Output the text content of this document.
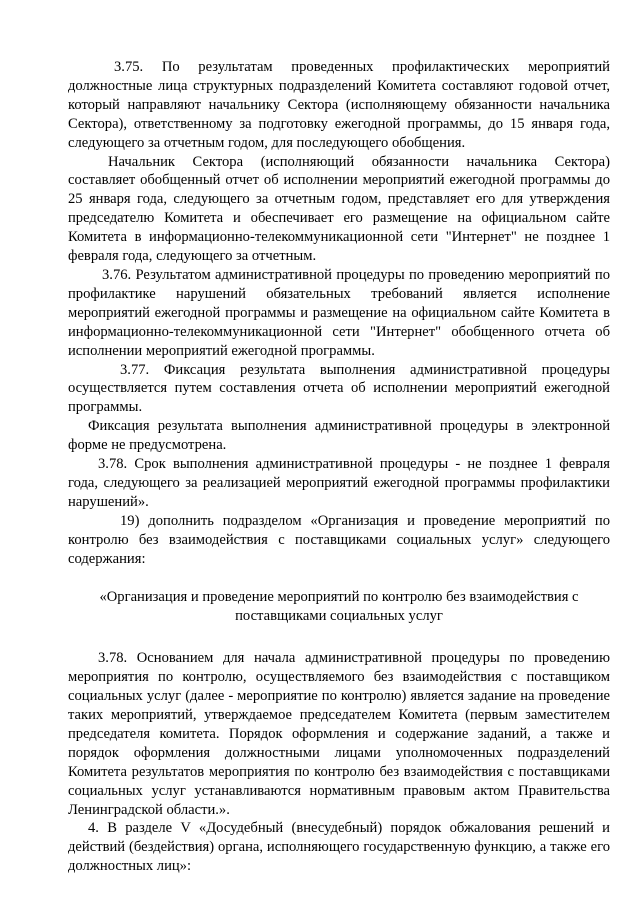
3.75. По результатам проведенных профилактических мероприятий должностные лица структурных подразделений Комитета составляют годовой отчет, который направляют начальнику Сектора (исполняющему обязанности начальника Сектора), ответственному за подготовку ежегодной программы, до 15 января года, следующего за отчетным годом, для последующего обобщения.

Начальник Сектора (исполняющий обязанности начальника Сектора) составляет обобщенный отчет об исполнении мероприятий ежегодной программы до 25 января года, следующего за отчетным годом, представляет его для утверждения председателю Комитета и обеспечивает его размещение на официальном сайте Комитета в информационно-телекоммуникационной сети "Интернет" не позднее 1 февраля года, следующего за отчетным.

3.76. Результатом административной процедуры по проведению мероприятий по профилактике нарушений обязательных требований является исполнение мероприятий ежегодной программы и размещение на официальном сайте Комитета в информационно-телекоммуникационной сети "Интернет" обобщенного отчета об исполнении мероприятий ежегодной программы.

3.77. Фиксация результата выполнения административной процедуры осуществляется путем составления отчета об исполнении мероприятий ежегодной программы.

Фиксация результата выполнения административной процедуры в электронной форме не предусмотрена.

3.78. Срок выполнения административной процедуры - не позднее 1 февраля года, следующего за реализацией мероприятий ежегодной программы профилактики нарушений».

19) дополнить подразделом «Организация и проведение мероприятий по контролю без взаимодействия с поставщиками социальных услуг» следующего содержания:

«Организация и проведение мероприятий по контролю без взаимодействия с поставщиками социальных услуг

3.78. Основанием для начала административной процедуры по проведению мероприятия по контролю, осуществляемого без взаимодействия с поставщиком социальных услуг (далее - мероприятие по контролю) является задание на проведение таких мероприятий, утверждаемое председателем Комитета (первым заместителем председателя комитета. Порядок оформления и содержание заданий, а также и порядок оформления должностными лицами уполномоченных подразделений Комитета результатов мероприятия по контролю без взаимодействия с поставщиками социальных услуг устанавливаются нормативным правовым актом Правительства Ленинградской области.».

4. В разделе V «Досудебный (внесудебный) порядок обжалования решений и действий (бездействия) органа, исполняющего государственную функцию, а также его должностных лиц»:
